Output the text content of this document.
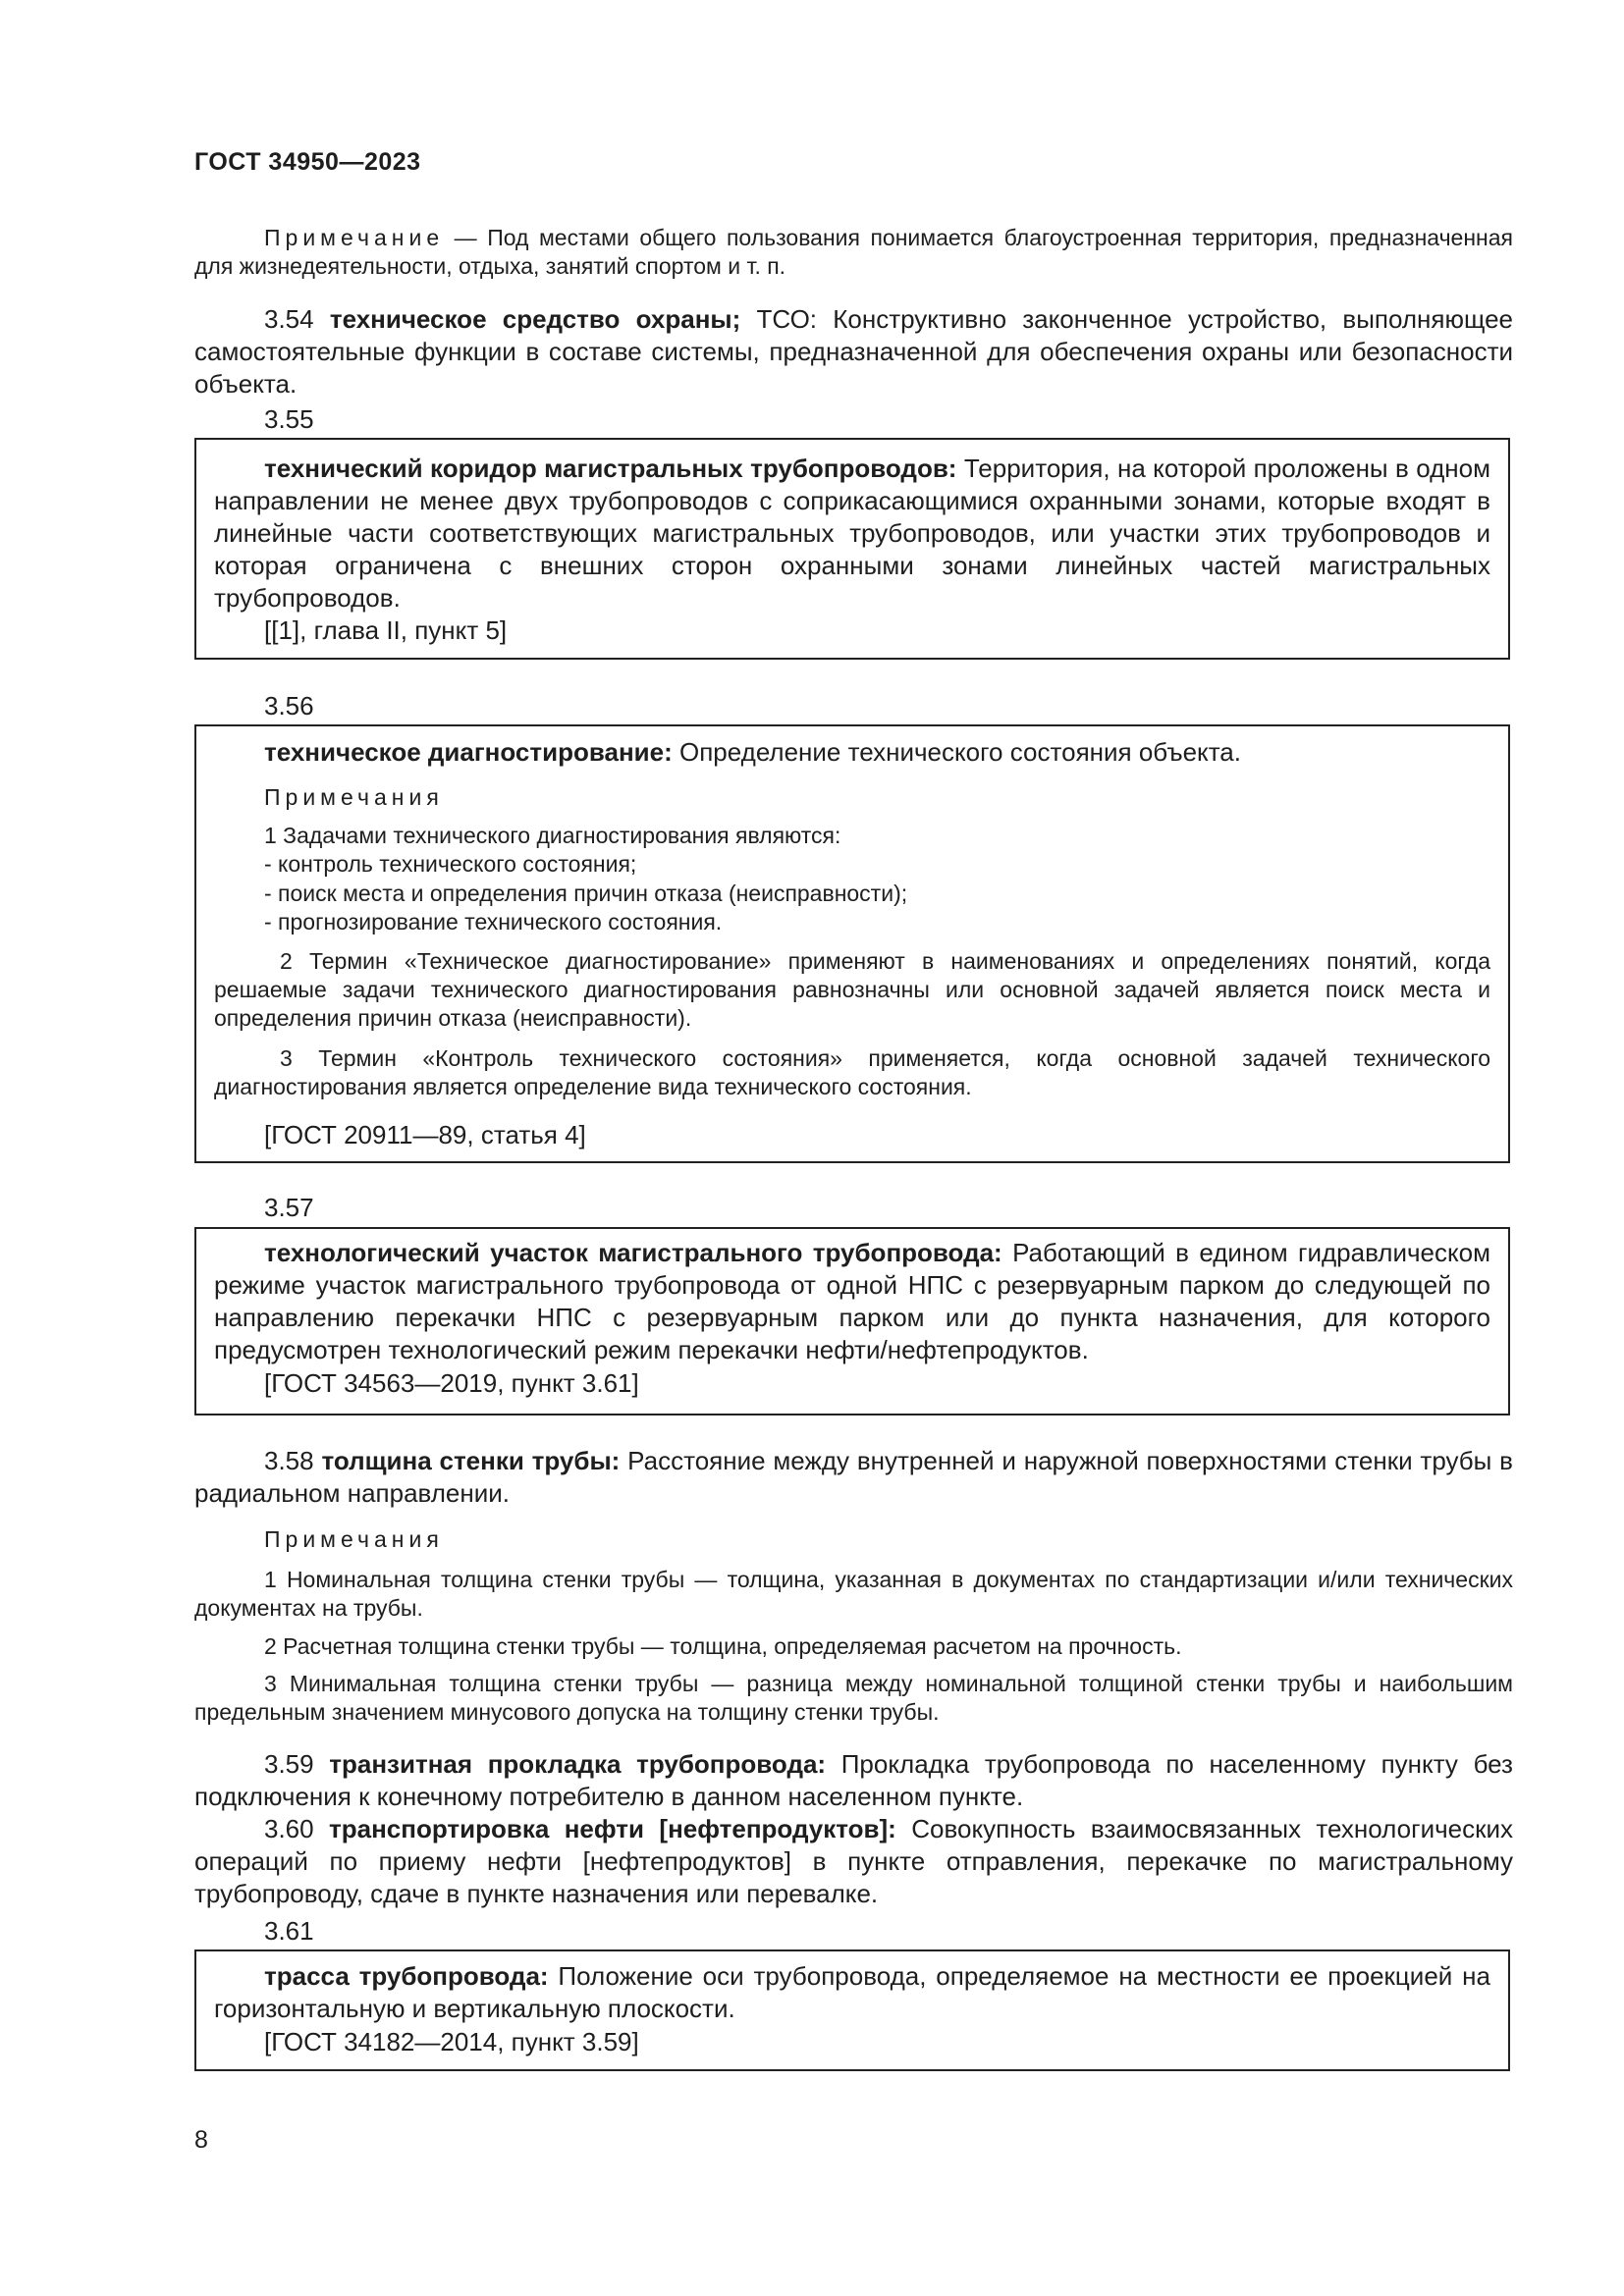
ГОСТ 34950—2023

Примечание — Под местами общего пользования понимается благоустроенная территория, предназначенная для жизнедеятельности, отдыха, занятий спортом и т. п.

3.54 техническое средство охраны; ТСО: Конструктивно законченное устройство, выполняющее самостоятельные функции в составе системы, предназначенной для обеспечения охраны или безопасности объекта.

3.55

технический коридор магистральных трубопроводов: Территория, на которой проложены в одном направлении не менее двух трубопроводов с соприкасающимися охранными зонами, которые входят в линейные части соответствующих магистральных трубопроводов, или участки этих трубопроводов и которая ограничена с внешних сторон охранными зонами линейных частей магистральных трубопроводов.

[[1], глава II, пункт 5]
3.56

техническое диагностирование: Определение технического состояния объекта.

Примечания
1 Задачами технического диагностирования являются:
- контроль технического состояния;
- поиск места и определения причин отказа (неисправности);
- прогнозирование технического состояния.

2 Термин «Техническое диагностирование» применяют в наименованиях и определениях понятий, когда решаемые задачи технического диагностирования равнозначны или основной задачей является поиск места и определения причин отказа (неисправности).

3 Термин «Контроль технического состояния» применяется, когда основной задачей технического диагностирования является определение вида технического состояния.

[ГОСТ 20911—89, статья 4]
3.57

технологический участок магистрального трубопровода: Работающий в едином гидравлическом режиме участок магистрального трубопровода от одной НПС с резервуарным парком до следующей по направлению перекачки НПС с резервуарным парком или до пункта назначения, для которого предусмотрен технологический режим перекачки нефти/нефтепродуктов.

[ГОСТ 34563—2019, пункт 3.61]

3.58 толщина стенки трубы: Расстояние между внутренней и наружной поверхностями стенки трубы в радиальном направлении.

Примечания

1 Номинальная толщина стенки трубы — толщина, указанная в документах по стандартизации и/или технических документах на трубы.

2 Расчетная толщина стенки трубы — толщина, определяемая расчетом на прочность.

3 Минимальная толщина стенки трубы — разница между номинальной толщиной стенки трубы и наибольшим предельным значением минусового допуска на толщину стенки трубы.

3.59 транзитная прокладка трубопровода: Прокладка трубопровода по населенному пункту без подключения к конечному потребителю в данном населенном пункте.

3.60 транспортировка нефти [нефтепродуктов]: Совокупность взаимосвязанных технологических операций по приему нефти [нефтепродуктов] в пункте отправления, перекачке по магистральному трубопроводу, сдаче в пункте назначения или перевалке.

3.61

трасса трубопровода: Положение оси трубопровода, определяемое на местности ее проекцией на горизонтальную и вертикальную плоскости.

[ГОСТ 34182—2014, пункт 3.59]
8
